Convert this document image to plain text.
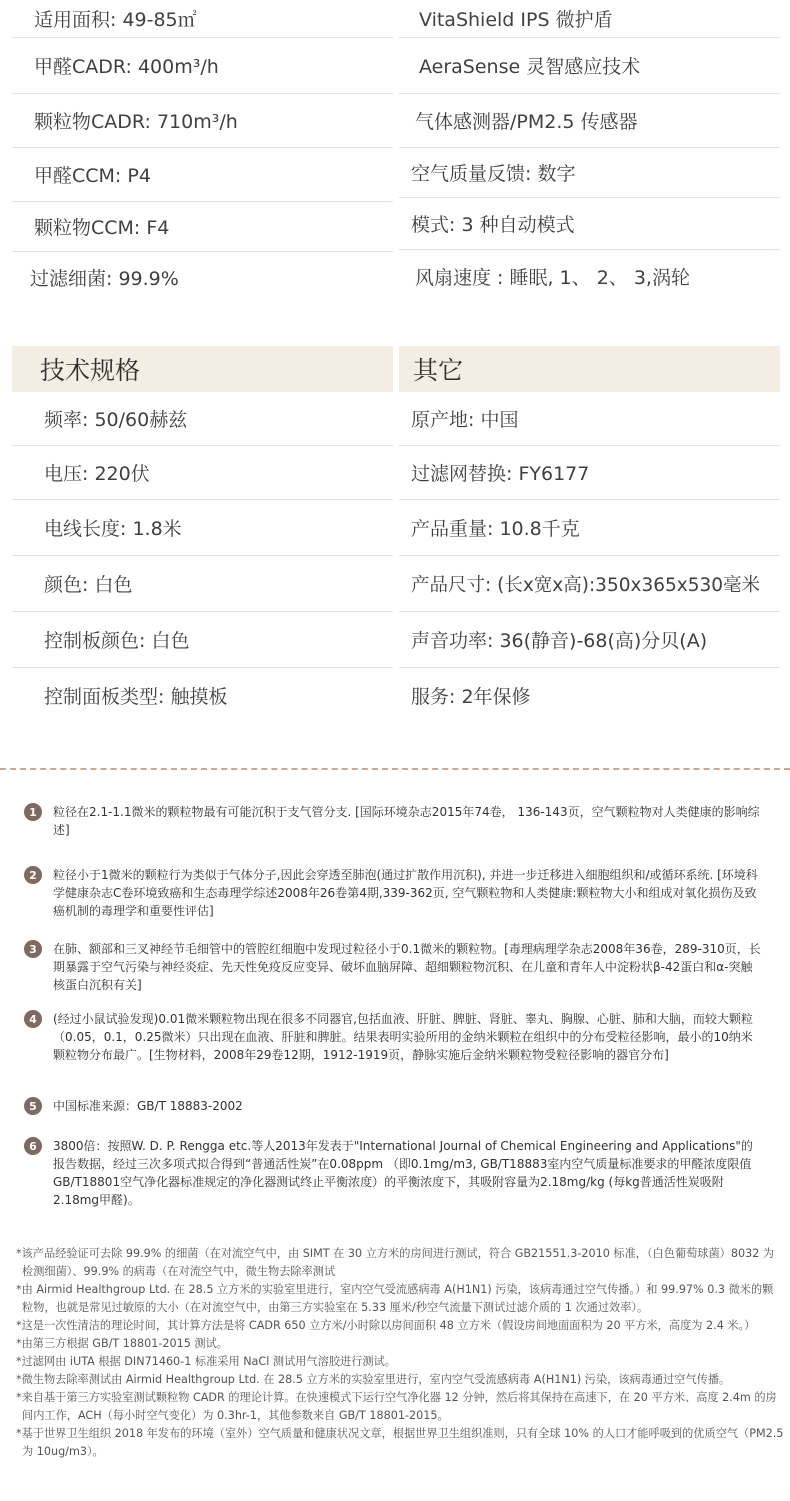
适用面积: 49-85㎡
甲醛CADR: 400m³/h
颗粒物CADR: 710m³/h
甲醛CCM: P4
颗粒物CCM: F4
过滤细菌: 99.9%
VitaShield IPS 微护盾
AeraSense 灵智感应技术
气体感测器/PM2.5 传感器
空气质量反馈: 数字
模式: 3 种自动模式
风扇速度 : 睡眠, 1、 2、 3,涡轮
技术规格
频率: 50/60赫兹
电压: 220伏
电线长度: 1.8米
颜色: 白色
控制板颜色: 白色
控制面板类型: 触摸板
其它
原产地: 中国
过滤网替换: FY6177
产品重量: 10.8千克
产品尺寸: (长x宽x高):350x365x530毫米
声音功率: 36(静音)-68(高)分贝(A)
服务: 2年保修
1 粒径在2.1-1.1微米的颗粒物最有可能沉积于支气管分支. [国际环境杂志2015年74卷， 136-143页，空气颗粒物对人类健康的影响综述]
2 粒径小于1微米的颗粒行为类似于气体分子,因此会穿透至肺泡(通过扩散作用沉积), 并进一步迁移进入细胞组织和/或循环系统. [环境科学健康杂志C卷环境致癌和生态毒理学综述2008年26卷第4期,339-362页, 空气颗粒物和人类健康:颗粒物大小和组成对氧化损伤及致癌机制的毒理学和重要性评估]
3 在肺、额部和三叉神经节毛细管中的管腔红细胞中发现过粒径小于0.1微米的颗粒物。[毒理病理学杂志2008年36卷，289-310页，长期暴露于空气污染与神经炎症、先天性免疫反应变异、破坏血脑屏障、超细颗粒物沉积、在儿童和青年人中淀粉状β-42蛋白和α-突触核蛋白沉积有关]
4 (经过小鼠试验发现)0.01微米颗粒物出现在很多不同器官,包括血液、肝脏、脾脏、肾脏、睾丸、胸腺、心脏、肺和大脑，而较大颗粒（0.05，0.1，0.25微米）只出现在血液、肝脏和脾脏。结果表明实验所用的金纳米颗粒在组织中的分布受粒径影响，最小的10纳米颗粒物分布最广。[生物材料，2008年29卷12期，1912-1919页，静脉实施后金纳米颗粒物受粒径影响的器官分布]
5 中国标准来源：GB/T 18883-2002
6 3800倍：按照W. D. P. Rengga etc.等人2013年发表于"International Journal of Chemical Engineering and Applications"的报告数据，经过三次多项式拟合得到“普通活性炭”在0.08ppm （即0.1mg/m3, GB/T18883室内空气质量标准要求的甲醛浓度限值GB/T18801空气净化器标准规定的净化器测试终止平衡浓度）的平衡浓度下，其吸附容量为2.18mg/kg (每kg普通活性炭吸附2.18mg甲醛)。

*该产品经验证可去除 99.9% 的细菌（在对流空气中，由 SIMT 在 30 立方米的房间进行测试，符合 GB21551.3-2010 标准，（白色葡萄球菌）8032 为检测细菌）、99.9% 的病毒（在对流空气中，微生物去除率测试

*由 Airmid Healthgroup Ltd. 在 28.5 立方米的实验室里进行，室内空气受流感病毒 A(H1N1) 污染，该病毒通过空气传播。）和 99.97% 0.3 微米的颗粒物，也就是常见过敏原的大小（在对流空气中，由第三方实验室在 5.33 厘米/秒空气流量下测试过滤介质的 1 次通过效率）。

*这是一次性清洁的理论时间，其计算方法是将 CADR 650 立方米/小时除以房间面积 48 立方米（假设房间地面面积为 20 平方米，高度为 2.4 米。）

*由第三方根据 GB/T 18801-2015 测试。

*过滤网由 iUTA 根据 DIN71460-1 标准采用 NaCl 测试用气溶胶进行测试。

*微生物去除率测试由 Airmid Healthgroup Ltd. 在 28.5 立方米的实验室里进行，室内空气受流感病毒 A(H1N1) 污染，该病毒通过空气传播。

*来自基于第三方实验室测试颗粒物 CADR 的理论计算。在快速模式下运行空气净化器 12 分钟，然后将其保持在高速下，在 20 平方米、高度 2.4m 的房间内工作，ACH（每小时空气变化）为 0.3hr-1，其他参数来自 GB/T 18801-2015。

*基于世界卫生组织 2018 年发布的环境（室外）空气质量和健康状况文章，根据世界卫生组织准则，只有全球 10% 的人口才能呼吸到的优质空气（PM2.5 为 10ug/m3）。
